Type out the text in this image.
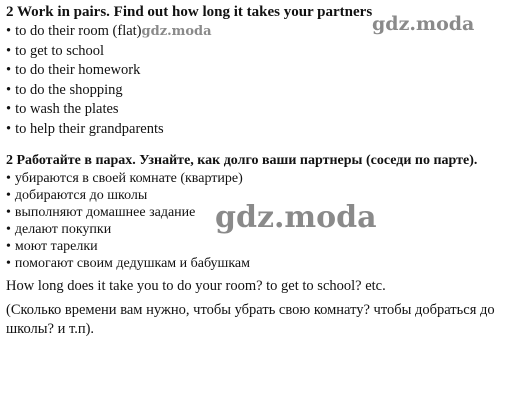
2 Work in pairs. Find out how long it takes your partners

• to do their room (flat)gdz.moda
• to get to school
• to do their homework
• to do the shopping
• to wash the plates
• to help their grandparents

2 Работайте в парах. Узнайте, как долго ваши партнеры (соседи по парте).

• убираются в своей комнате (квартире)
• добираются до школы
• выполняют домашнее задание
• делают покупки
• моют тарелки
• помогают своим дедушкам и бабушкам

How long does it take you to do your room? to get to school? etc.

(Сколько времени вам нужно, чтобы убрать свою комнату? чтобы добраться до школы? и т.п).

gdz.moda
gdz.moda
